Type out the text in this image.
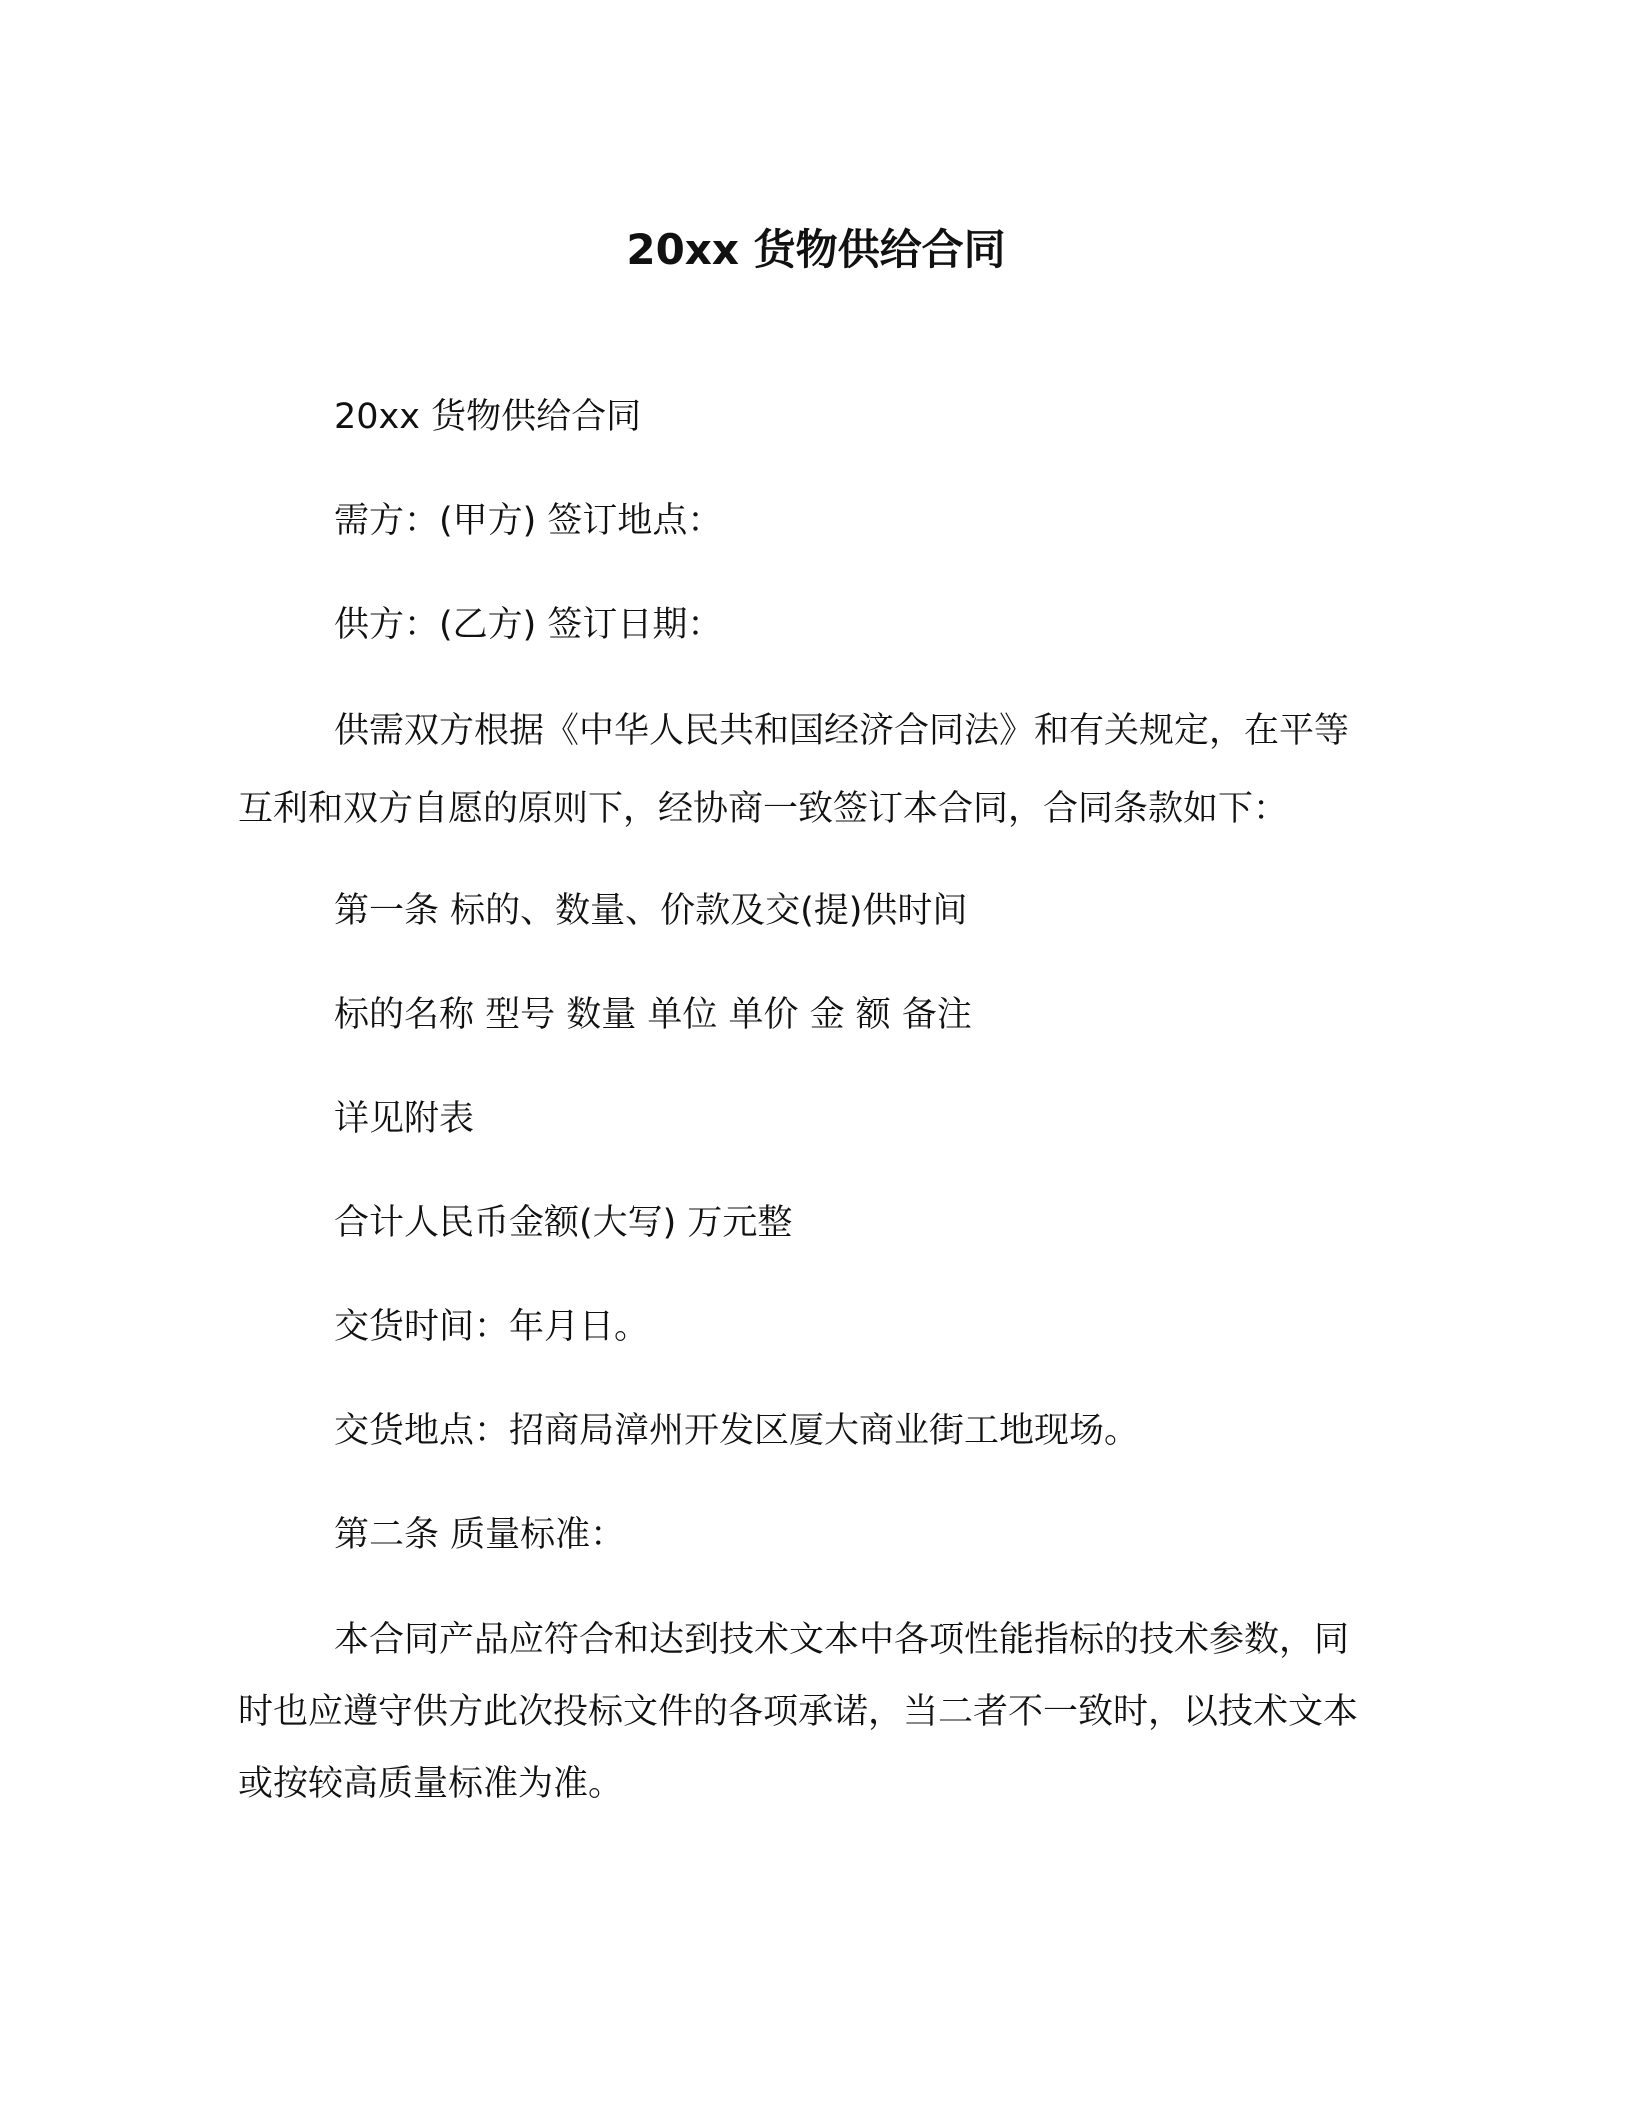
20xx 货物供给合同

20xx 货物供给合同

需方：(甲方) 签订地点：

供方：(乙方) 签订日期：

供需双方根据《中华人民共和国经济合同法》和有关规定，在平等互利和双方自愿的原则下，经协商一致签订本合同，合同条款如下：

第一条 标的、数量、价款及交(提)供时间

标的名称 型号 数量 单位 单价 金 额 备注

详见附表

合计人民币金额(大写) 万元整

交货时间：年月日。

交货地点：招商局漳州开发区厦大商业街工地现场。

第二条 质量标准：

本合同产品应符合和达到技术文本中各项性能指标的技术参数，同时也应遵守供方此次投标文件的各项承诺，当二者不一致时，以技术文本或按较高质量标准为准。
